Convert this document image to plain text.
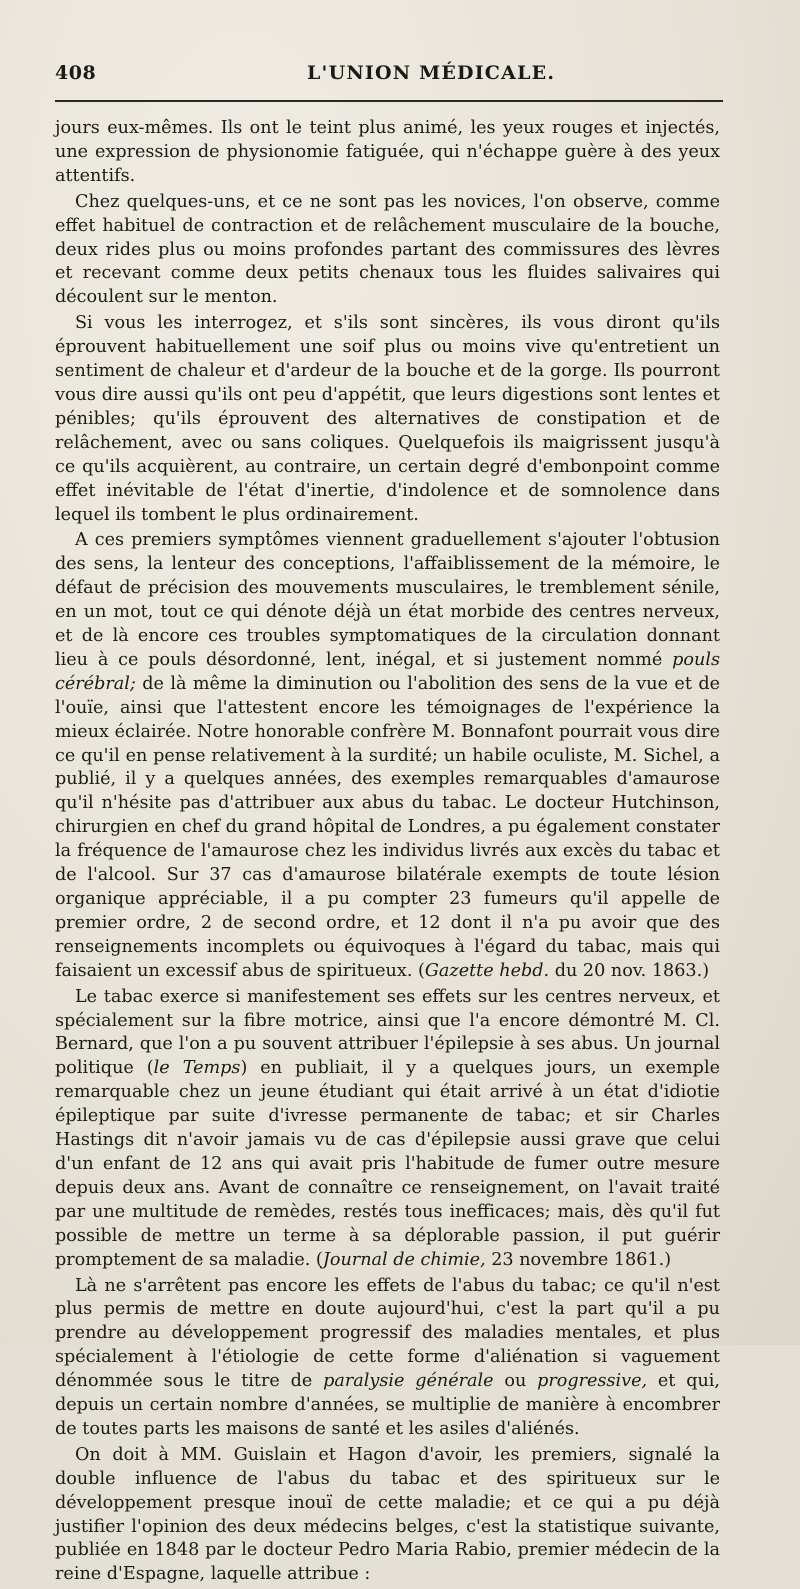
408	L'UNION MÉDICALE.

jours eux-mêmes. Ils ont le teint plus animé, les yeux rouges et injectés, une expression de physionomie fatiguée, qui n'échappe guère à des yeux attentifs.

Chez quelques-uns, et ce ne sont pas les novices, l'on observe, comme effet habituel de contraction et de relâchement musculaire de la bouche, deux rides plus ou moins profondes partant des commissures des lèvres et recevant comme deux petits chenaux tous les fluides salivaires qui découlent sur le menton.

Si vous les interrogez, et s'ils sont sincères, ils vous diront qu'ils éprouvent habituellement une soif plus ou moins vive qu'entretient un sentiment de chaleur et d'ardeur de la bouche et de la gorge. Ils pourront vous dire aussi qu'ils ont peu d'appétit, que leurs digestions sont lentes et pénibles; qu'ils éprouvent des alternatives de constipation et de relâchement, avec ou sans coliques. Quelquefois ils maigrissent jusqu'à ce qu'ils acquièrent, au contraire, un certain degré d'embonpoint comme effet inévitable de l'état d'inertie, d'indolence et de somnolence dans lequel ils tombent le plus ordinairement.

A ces premiers symptômes viennent graduellement s'ajouter l'obtusion des sens, la lenteur des conceptions, l'affaiblissement de la mémoire, le défaut de précision des mouvements musculaires, le tremblement sénile, en un mot, tout ce qui dénote déjà un état morbide des centres nerveux, et de là encore ces troubles symptomatiques de la circulation donnant lieu à ce pouls désordonné, lent, inégal, et si justement nommé pouls cérébral; de là même la diminution ou l'abolition des sens de la vue et de l'ouïe, ainsi que l'attestent encore les témoignages de l'expérience la mieux éclairée. Notre honorable confrère M. Bonnafont pourrait vous dire ce qu'il en pense relativement à la surdité; un habile oculiste, M. Sichel, a publié, il y a quelques années, des exemples remarquables d'amaurose qu'il n'hésite pas d'attribuer aux abus du tabac. Le docteur Hutchinson, chirurgien en chef du grand hôpital de Londres, a pu également constater la fréquence de l'amaurose chez les individus livrés aux excès du tabac et de l'alcool. Sur 37 cas d'amaurose bilatérale exempts de toute lésion organique appréciable, il a pu compter 23 fumeurs qu'il appelle de premier ordre, 2 de second ordre, et 12 dont il n'a pu avoir que des renseignements incomplets ou équivoques à l'égard du tabac, mais qui faisaient un excessif abus de spiritueux. (Gazette hebd. du 20 nov. 1863.)

Le tabac exerce si manifestement ses effets sur les centres nerveux, et spécialement sur la fibre motrice, ainsi que l'a encore démontré M. Cl. Bernard, que l'on a pu souvent attribuer l'épilepsie à ses abus. Un journal politique (le Temps) en publiait, il y a quelques jours, un exemple remarquable chez un jeune étudiant qui était arrivé à un état d'idiotie épileptique par suite d'ivresse permanente de tabac; et sir Charles Hastings dit n'avoir jamais vu de cas d'épilepsie aussi grave que celui d'un enfant de 12 ans qui avait pris l'habitude de fumer outre mesure depuis deux ans. Avant de connaître ce renseignement, on l'avait traité par une multitude de remèdes, restés tous inefficaces; mais, dès qu'il fut possible de mettre un terme à sa déplorable passion, il put guérir promptement de sa maladie. (Journal de chimie, 23 novembre 1861.)

Là ne s'arrêtent pas encore les effets de l'abus du tabac; ce qu'il n'est plus permis de mettre en doute aujourd'hui, c'est la part qu'il a pu prendre au développement progressif des maladies mentales, et plus spécialement à l'étiologie de cette forme d'aliénation si vaguement dénommée sous le titre de paralysie générale ou progressive, et qui, depuis un certain nombre d'années, se multiplie de manière à encombrer de toutes parts les maisons de santé et les asiles d'aliénés.

On doit à MM. Guislain et Hagon d'avoir, les premiers, signalé la double influence de l'abus du tabac et des spiritueux sur le développement presque inouï de cette maladie; et ce qui a pu déjà justifier l'opinion des deux médecins belges, c'est la statistique suivante, publiée en 1848 par le docteur Pedro Maria Rabio, premier médecin de la reine d'Espagne, laquelle attribue :
